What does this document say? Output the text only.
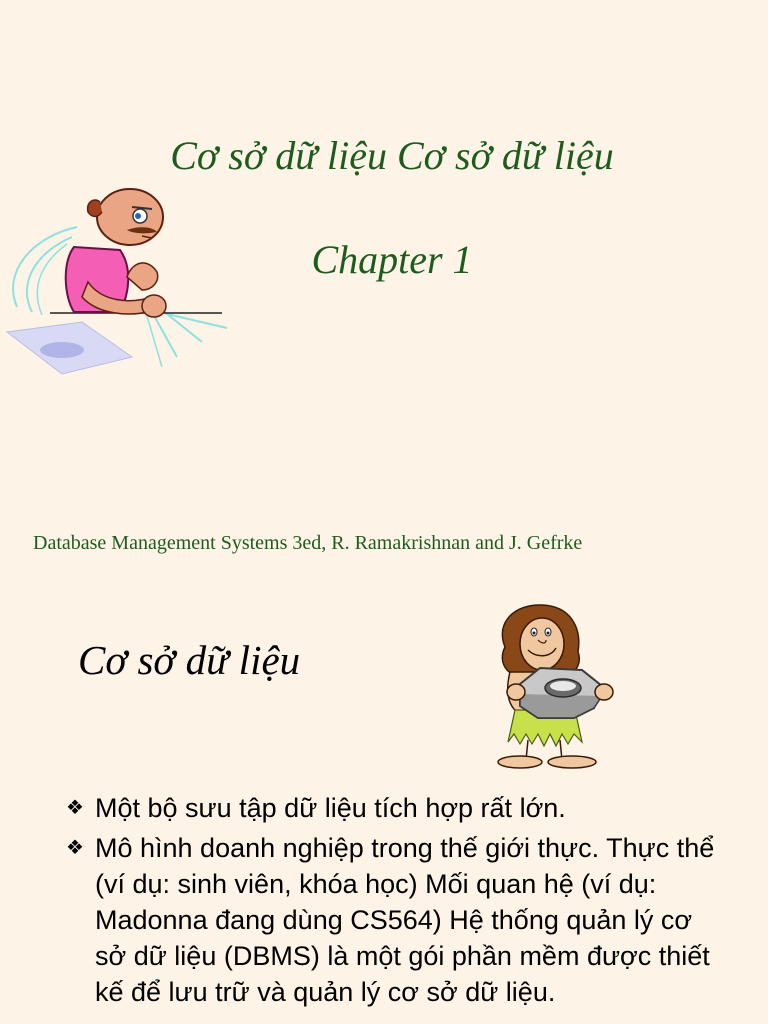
Cơ sở dữ liệu Cơ sở dữ liệu
Chapter 1
Database Management Systems 3ed, R. Ramakrishnan and J. Gefrke
Cơ sở dữ liệu
❖ Một bộ sưu tập dữ liệu tích hợp rất lớn.
❖ Mô hình doanh nghiệp trong thế giới thực. Thực thể (ví dụ: sinh viên, khóa học) Mối quan hệ (ví dụ: Madonna đang dùng CS564) Hệ thống quản lý cơ sở dữ liệu (DBMS) là một gói phần mềm được thiết kế để lưu trữ và quản lý cơ sở dữ liệu.
